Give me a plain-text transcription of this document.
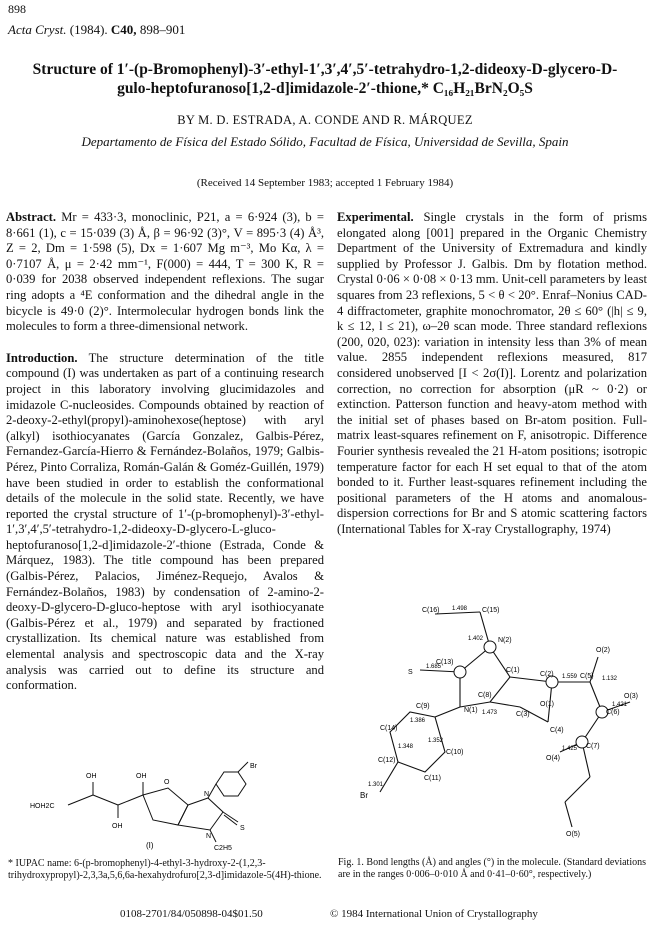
898
Acta Cryst. (1984). C40, 898–901
Structure of 1′-(p-Bromophenyl)-3′-ethyl-1′,3′,4′,5′-tetrahydro-1,2-dideoxy-D-glycero-D-
gulo-heptofuranoso[1,2-d]imidazole-2′-thione,* C₁₆H₂₁BrN₂O₅S
BY M. D. ESTRADA, A. CONDE AND R. MÁRQUEZ
Departamento de Física del Estado Sólido, Facultad de Física, Universidad de Sevilla, Spain
(Received 14 September 1983; accepted 1 February 1984)

Abstract. Mr = 433·3, monoclinic, P21, a = 6·924 (3), b = 8·661 (1), c = 15·039 (3) Å, β = 96·92 (3)°, V = 895·3 (4) Å³, Z = 2, Dm = 1·598 (5), Dx = 1·607 Mg m⁻³, Mo Kα, λ = 0·7107 Å, μ = 2·42 mm⁻¹, F(000) = 444, T = 300 K, R = 0·039 for 2038 observed independent reflexions. The sugar ring adopts a ⁴E conformation and the dihedral angle in the bicycle is 49·0 (2)°. Intermolecular hydrogen bonds link the molecules to form a three-dimensional network.

Introduction. The structure determination of the title compound (I) was undertaken as part of a continuing research project in this laboratory involving glucimidazoles and imidazole C-nucleosides. Compounds obtained by reaction of 2-deoxy-2-ethyl(propyl)-aminohexose(heptose) with aryl (alkyl) isothiocyanates (García Gonzalez, Galbis-Pérez, Fernandez-García-Hierro & Fernández-Bolaños, 1979; Galbis-Pérez, Pinto Corraliza, Román-Galán & Goméz-Guillén, 1979) have been studied in order to establish the conformational details of the molecule in the solid state. Recently, we have reported the crystal structure of 1′-(p-bromophenyl)-3′-ethyl-1′,3′,4′,5′-tetrahydro-1,2-dideoxy-D-glycero-L-gluco-heptofuranoso[1,2-d]imidazole-2′-thione (Estrada, Conde & Márquez, 1983). The title compound has been prepared (Galbis-Pérez, Palacios, Jiménez-Requejo, Avalos & Fernández-Bolaños, 1983) by condensation of 2-amino-2-deoxy-D-glycero-D-gluco-heptose with aryl isothiocyanate (Galbis-Pérez et al., 1979) and separated by fractioned crystallization. Its chemical nature was established from elemental analysis and spectroscopic data and the X-ray analysis was carried out to define its structure and conformation.

Experimental. Single crystals in the form of prisms elongated along [001] prepared in the Organic Chemistry Department of the University of Extremadura and kindly supplied by Professor J. Galbis. Dm by flotation method. Crystal 0·06 × 0·08 × 0·13 mm. Unit-cell parameters by least squares from 23 reflexions, 5 < θ < 20°. Enraf–Nonius CAD-4 diffractometer, graphite monochromator, 2θ ≤ 60° (|h| ≤ 9, k ≤ 12, l ≤ 21), ω–2θ scan mode. Three standard reflexions (200, 020, 023): variation in intensity less than 3% of mean value. 2855 independent reflexions measured, 817 considered unobserved [I < 2σ(I)]. Lorentz and polarization correction, no correction for absorption (μR ~ 0·2) or extinction. Patterson function and heavy-atom method with the initial set of phases based on Br-atom position. Full-matrix least-squares refinement on F, anisotropic. Difference Fourier synthesis revealed the 21 H-atom positions; isotropic temperature factor for each H set equal to that of the atom bonded to it. Further least-squares refinement including the positional parameters of the H atoms and anomalous-dispersion corrections for Br and S atomic scattering factors (International Tables for X-ray Crystallography, 1974)

Br
OH
OH
HOH2C
OH
O
N
N
S
C2H5
(I)
C(16)	C(15)
N(2)
S
C(13)
N(1)
C(8)
C(1)
C(2)
C(3)
C(4)
C(5)
C(6)
C(7)
O(1)
O(2)
O(3)
O(4)
O(5)
C(9)
C(10)
C(11)
C(12)
C(14)
Br
1.498
1.685
1.473
1.559	1.132
1.421
1.425
1.301
1.386
1.402
1.348
1.352
* IUPAC name: 6-(p-bromophenyl)-4-ethyl-3-hydroxy-2-(1,2,3-trihydroxypropyl)-2,3,3a,5,6,6a-hexahydrofuro[2,3-d]imidazole-5(4H)-thione.
Fig. 1. Bond lengths (Å) and angles (°) in the molecule. (Standard deviations are in the ranges 0·006–0·010 Å and 0·41–0·60°, respectively.)
0108-2701/84/050898-04$01.50	© 1984 International Union of Crystallography
